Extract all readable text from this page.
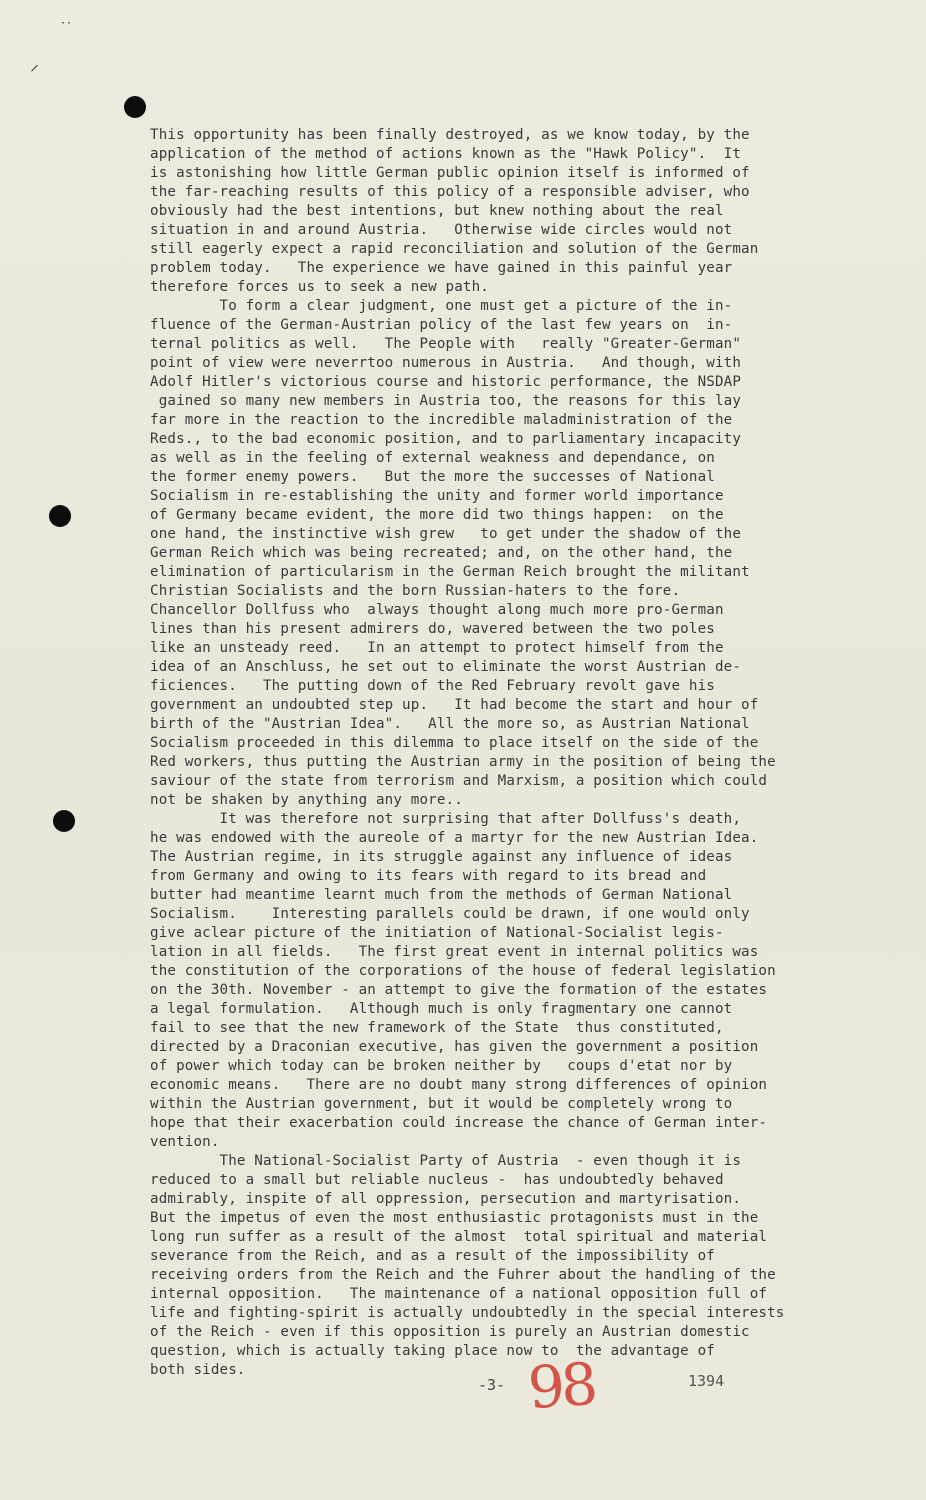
⸝
··
This opportunity has been finally destroyed, as we know today, by the
application of the method of actions known as the "Hawk Policy".  It
is astonishing how little German public opinion itself is informed of
the far-reaching results of this policy of a responsible adviser, who
obviously had the best intentions, but knew nothing about the real
situation in and around Austria.   Otherwise wide circles would not
still eagerly expect a rapid reconciliation and solution of the German
problem today.   The experience we have gained in this painful year
therefore forces us to seek a new path.
To form a clear judgment, one must get a picture of the in-
fluence of the German-Austrian policy of the last few years on  in-
ternal politics as well.   The People with   really "Greater-German"
point of view were neverrtoo numerous in Austria.   And though, with
Adolf Hitler's victorious course and historic performance, the NSDAP
gained so many new members in Austria too, the reasons for this lay
far more in the reaction to the incredible maladministration of the
Reds., to the bad economic position, and to parliamentary incapacity
as well as in the feeling of external weakness and dependance, on
the former enemy powers.   But the more the successes of National
Socialism in re-establishing the unity and former world importance
of Germany became evident, the more did two things happen:  on the
one hand, the instinctive wish grew   to get under the shadow of the
German Reich which was being recreated; and, on the other hand, the
elimination of particularism in the German Reich brought the militant
Christian Socialists and the born Russian-haters to the fore.
Chancellor Dollfuss who  always thought along much more pro-German
lines than his present admirers do, wavered between the two poles
like an unsteady reed.   In an attempt to protect himself from the
idea of an Anschluss, he set out to eliminate the worst Austrian de-
ficiences.   The putting down of the Red February revolt gave his
government an undoubted step up.   It had become the start and hour of
birth of the "Austrian Idea".   All the more so, as Austrian National
Socialism proceeded in this dilemma to place itself on the side of the
Red workers, thus putting the Austrian army in the position of being the
saviour of the state from terrorism and Marxism, a position which could
not be shaken by anything any more..
It was therefore not surprising that after Dollfuss's death,
he was endowed with the aureole of a martyr for the new Austrian Idea.
The Austrian regime, in its struggle against any influence of ideas
from Germany and owing to its fears with regard to its bread and
butter had meantime learnt much from the methods of German National
Socialism.    Interesting parallels could be drawn, if one would only
give aclear picture of the initiation of National-Socialist legis-
lation in all fields.   The first great event in internal politics was
the constitution of the corporations of the house of federal legislation
on the 30th. November - an attempt to give the formation of the estates
a legal formulation.   Although much is only fragmentary one cannot
fail to see that the new framework of the State  thus constituted,
directed by a Draconian executive, has given the government a position
of power which today can be broken neither by   coups d'etat nor by
economic means.   There are no doubt many strong differences of opinion
within the Austrian government, but it would be completely wrong to
hope that their exacerbation could increase the chance of German inter-
vention.
The National-Socialist Party of Austria  - even though it is
reduced to a small but reliable nucleus -  has undoubtedly behaved
admirably, inspite of all oppression, persecution and martyrisation.
But the impetus of even the most enthusiastic protagonists must in the
long run suffer as a result of the almost  total spiritual and material
severance from the Reich, and as a result of the impossibility of
receiving orders from the Reich and the Fuhrer about the handling of the
internal opposition.   The maintenance of a national opposition full of
life and fighting-spirit is actually undoubtedly in the special interests
of the Reich - even if this opposition is purely an Austrian domestic
question, which is actually taking place now to  the advantage of
both sides.
-3- 98	1394
